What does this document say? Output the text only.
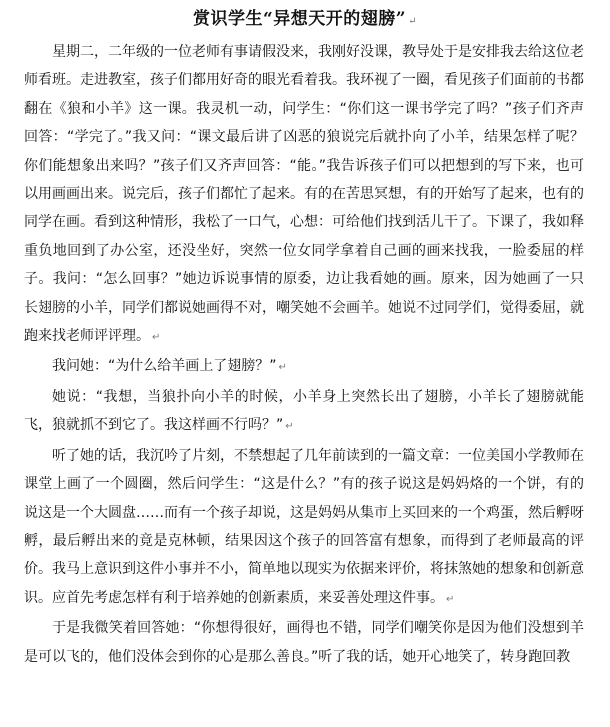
赏识学生“异想天开的翅膀” ↵

星期二，二年级的一位老师有事请假没来，我刚好没课，教导处于是安排我去给这位老师看班。走进教室，孩子们都用好奇的眼光看着我。我环视了一圈，看见孩子们面前的书都翻在《狼和小羊》这一课。我灵机一动，问学生：“你们这一课书学完了吗？”孩子们齐声回答：“学完了。”我又问：“课文最后讲了凶恶的狼说完后就扑向了小羊，结果怎样了呢？你们能想象出来吗？”孩子们又齐声回答：“能。”我告诉孩子们可以把想到的写下来，也可以用画画出来。说完后，孩子们都忙了起来。有的在苦思冥想，有的开始写了起来，也有的同学在画。看到这种情形，我松了一口气，心想：可给他们找到活儿干了。下课了，我如释重负地回到了办公室，还没坐好，突然一位女同学拿着自己画的画来找我，一脸委屈的样子。我问：“怎么回事？”她边诉说事情的原委，边让我看她的画。原来，因为她画了一只长翅膀的小羊，同学们都说她画得不对，嘲笑她不会画羊。她说不过同学们，觉得委屈，就跑来找老师评评理。 ↵

我问她：“为什么给羊画上了翅膀？” ↵

她说：“我想，当狼扑向小羊的时候，小羊身上突然长出了翅膀，小羊长了翅膀就能飞，狼就抓不到它了。我这样画不行吗？” ↵

听了她的话，我沉吟了片刻，不禁想起了几年前读到的一篇文章：一位美国小学教师在课堂上画了一个圆圈，然后问学生：“这是什么？”有的孩子说这是妈妈烙的一个饼，有的说这是一个大圆盘……而有一个孩子却说，这是妈妈从集市上买回来的一个鸡蛋，然后孵呀孵，最后孵出来的竟是克林顿，结果因这个孩子的回答富有想象，而得到了老师最高的评价。我马上意识到这件小事并不小，简单地以现实为依据来评价，将抹煞她的想象和创新意识。应首先考虑怎样有利于培养她的创新素质，来妥善处理这件事。 ↵

于是我微笑着回答她：“你想得很好，画得也不错，同学们嘲笑你是因为他们没想到羊是可以飞的，他们没体会到你的心是那么善良。”听了我的话，她开心地笑了，转身跑回教
